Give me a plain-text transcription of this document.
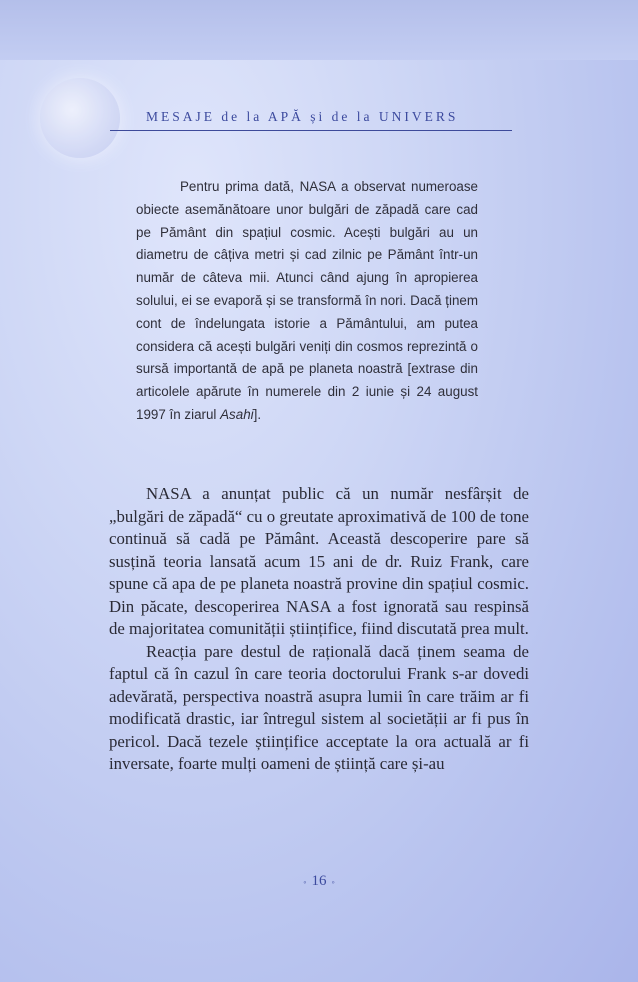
MESAJE de la APĂ și de la UNIVERS

Pentru prima dată, NASA a observat numeroase obiecte asemănătoare unor bulgări de zăpadă care cad pe Pământ din spațiul cosmic. Acești bulgări au un diametru de câțiva metri și cad zilnic pe Pământ într-un număr de câteva mii. Atunci când ajung în apropierea solului, ei se evaporă și se transformă în nori. Dacă ținem cont de îndelungata istorie a Pământului, am putea considera că acești bulgări veniți din cosmos reprezintă o sursă importantă de apă pe planeta noastră [extrase din articolele apărute în numerele din 2 iunie și 24 august 1997 în ziarul Asahi].

NASA a anunțat public că un număr nesfârșit de „bulgări de zăpadă“ cu o greutate aproximativă de 100 de tone continuă să cadă pe Pământ. Această descoperire pare să susțină teoria lansată acum 15 ani de dr. Ruiz Frank, care spune că apa de pe planeta noastră provine din spațiul cosmic. Din păcate, descoperirea NASA a fost ignorată sau respinsă de majoritatea comunității științifice, fiind discutată prea mult.

Reacția pare destul de rațională dacă ținem seama de faptul că în cazul în care teoria doctorului Frank s-ar dovedi adevărată, perspectiva noastră asupra lumii în care trăim ar fi modificată drastic, iar întregul sistem al societății ar fi pus în pericol. Dacă tezele științifice acceptate la ora actuală ar fi inversate, foarte mulți oameni de știință care și-au

◦ 16 ◦
